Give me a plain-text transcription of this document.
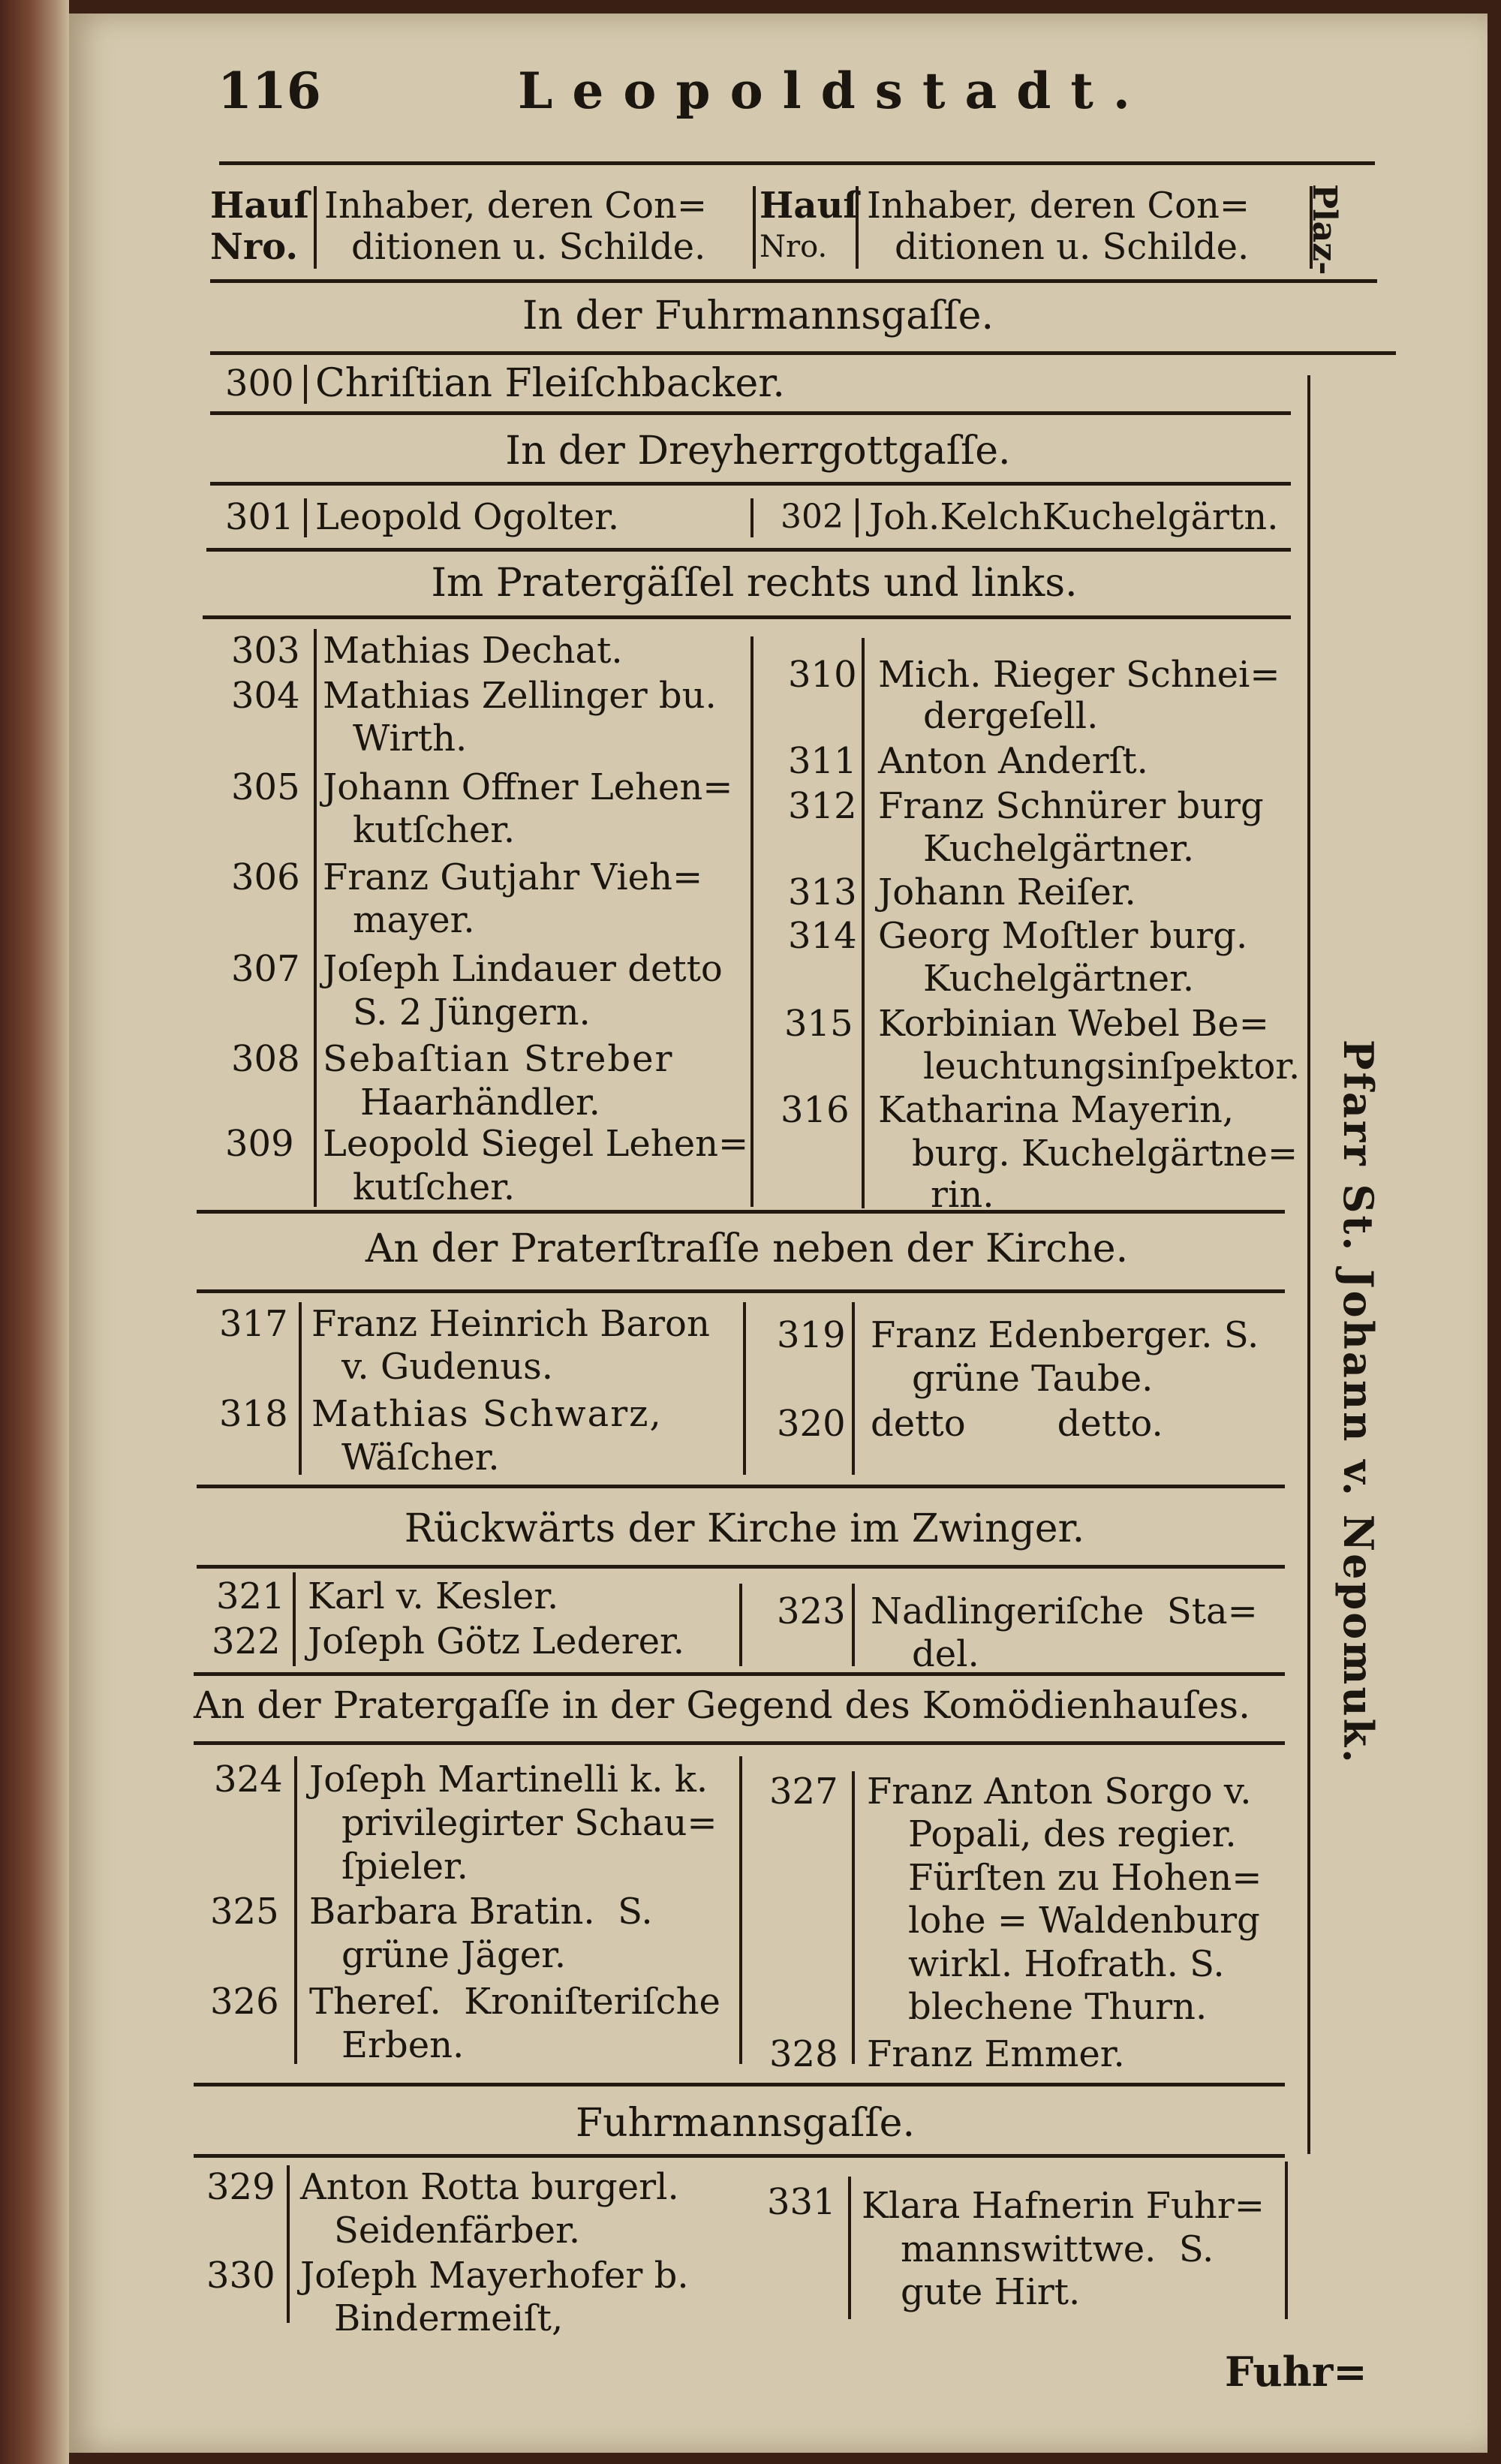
116	Leopoldstadt.
Hauſ
Nro.
Inhaber, deren Con=
ditionen u. Schilde.
Hauſ
Nro.
Inhaber, deren Con=
ditionen u. Schilde. Plaz-
In der Fuhrmannsgaſſe.
300 Chriſtian Fleiſchbacker.
In der Dreyherrgottgaſſe.
301 Leopold Ogolter.	302 Joh.KelchKuchelgärtn.
Im Pratergäſſel rechts und links.
303 Mathias Dechat.
304 Mathias Zellinger bu.
Wirth.
305 Johann Offner Lehen=
kutſcher.
306 Franz Gutjahr Vieh=
mayer.
307 Joſeph Lindauer detto
S. 2 Jüngern.
308 Sebaſtian Streber
Haarhändler.
309 Leopold Siegel Lehen=
kutſcher.
310 Mich. Rieger Schnei=
dergeſell.
311 Anton Anderſt.
312 Franz Schnürer burg
Kuchelgärtner.
313 Johann Reiſer.
314 Georg Moſtler burg.
Kuchelgärtner.
315 Korbinian Webel Be=
leuchtungsinſpektor.
316 Katharina Mayerin,
burg. Kuchelgärtne=
rin.
An der Praterſtraſſe neben der Kirche.
317 Franz Heinrich Baron
v. Gudenus.
318 Mathias Schwarz,
Wäſcher.
319 Franz Edenberger. S.
grüne Taube.
320 detto        detto.
Rückwärts der Kirche im Zwinger.
321 Karl v. Kesler.
322 Joſeph Götz Lederer.
323 Nadlingeriſche  Sta=
del.
An der Pratergaſſe in der Gegend des Komödienhauſes.
324 Joſeph Martinelli k. k.
privilegirter Schau=
ſpieler.
325 Barbara Bratin.  S.
grüne Jäger.
326 Thereſ.  Kroniſteriſche
Erben.
327 Franz Anton Sorgo v.
Popali, des regier.
Fürſten zu Hohen=
lohe = Waldenburg
wirkl. Hofrath. S.
blechene Thurn.
328 Franz Emmer.
Fuhrmannsgaſſe.
329 Anton Rotta burgerl.
Seidenfärber.
330 Joſeph Mayerhofer b.
Bindermeiſt,
331 Klara Hafnerin Fuhr=
mannswittwe.  S.
gute Hirt.
Pfarr St. Johann v. Nepomuk.
Fuhr=
